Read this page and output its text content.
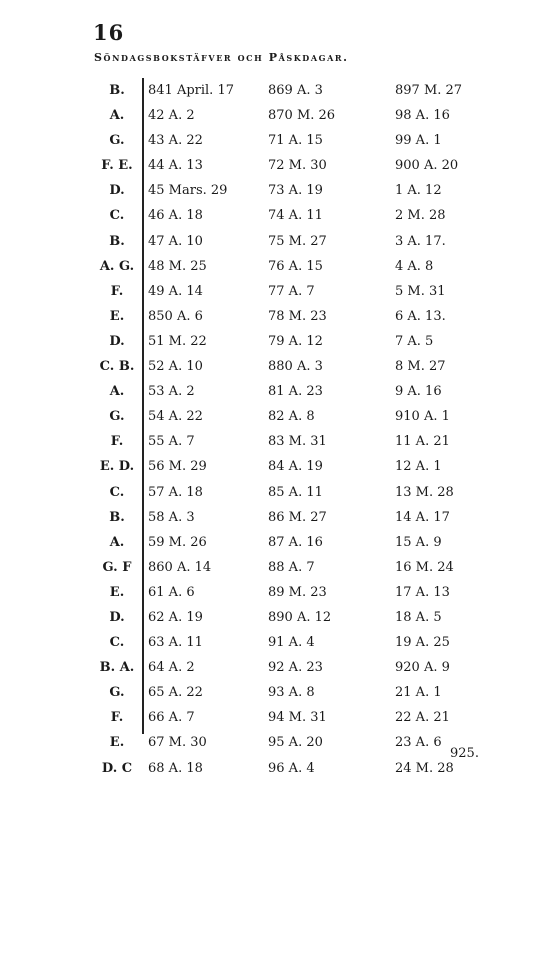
16
Söndagsbokstäfver och Påskdagar.
B.	841 April. 17	869 A. 3	897 M. 27
A.	42 A. 2	870 M. 26	98 A. 16
G.	43 A. 22	71 A. 15	99 A. 1
F. E.	44 A. 13	72 M. 30	900 A. 20
D.	45 Mars. 29	73 A. 19	1 A. 12
C.	46 A. 18	74 A. 11	2 M. 28
B.	47 A. 10	75 M. 27	3 A. 17.
A. G.	48 M. 25	76 A. 15	4 A. 8
F.	49 A. 14	77 A. 7	5 M. 31
E.	850 A. 6	78 M. 23	6 A. 13.
D.	51 M. 22	79 A. 12	7 A. 5
C. B.	52 A. 10	880 A. 3	8 M. 27
A.	53 A. 2	81 A. 23	9 A. 16
G.	54 A. 22	82 A. 8	910 A. 1
F.	55 A. 7	83 M. 31	11 A. 21
E. D.	56 M. 29	84 A. 19	12 A. 1
C.	57 A. 18	85 A. 11	13 M. 28
B.	58 A. 3	86 M. 27	14 A. 17
A.	59 M. 26	87 A. 16	15 A. 9
G. F	860 A. 14	88 A. 7	16 M. 24
E.	61 A. 6	89 M. 23	17 A. 13
D.	62 A. 19	890 A. 12	18 A. 5
C.	63 A. 11	91 A. 4	19 A. 25
B. A.	64 A. 2	92 A. 23	920 A. 9
G.	65 A. 22	93 A. 8	21 A. 1
F.	66 A. 7	94 M. 31	22 A. 21
E.	67 M. 30	95 A. 20	23 A. 6
D. C	68 A. 18	96 A. 4	24 M. 28
925.
